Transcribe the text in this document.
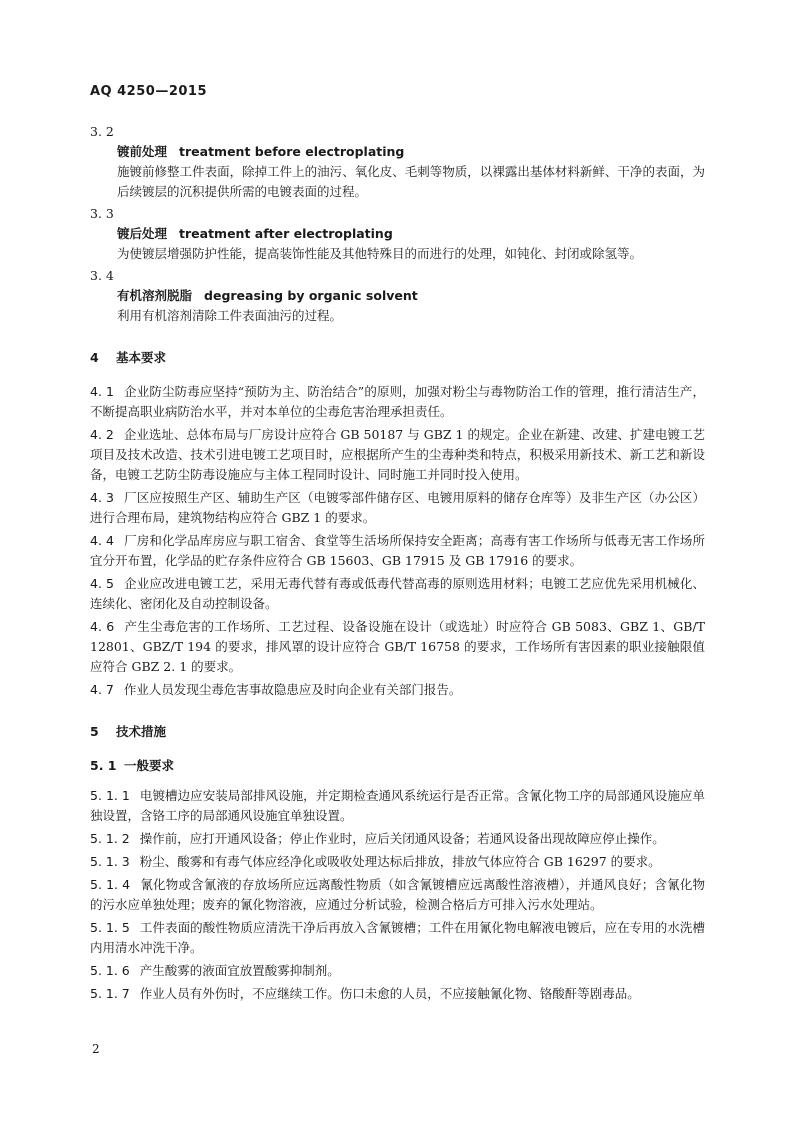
AQ 4250—2015
3. 2
镀前处理 treatment before electroplating
施镀前修整工件表面，除掉工件上的油污、氧化皮、毛刺等物质，以裸露出基体材料新鲜、干净的表面，为后续镀层的沉积提供所需的电镀表面的过程。
3. 3
镀后处理 treatment after electroplating
为使镀层增强防护性能，提高装饰性能及其他特殊目的而进行的处理，如钝化、封闭或除氢等。
3. 4
有机溶剂脱脂 degreasing by organic solvent
利用有机溶剂清除工件表面油污的过程。
4 基本要求
4. 1 企业防尘防毒应坚持“预防为主、防治结合”的原则，加强对粉尘与毒物防治工作的管理，推行清洁生产，不断提高职业病防治水平，并对本单位的尘毒危害治理承担责任。
4. 2 企业选址、总体布局与厂房设计应符合 GB 50187 与 GBZ 1 的规定。企业在新建、改建、扩建电镀工艺项目及技术改造、技术引进电镀工艺项目时，应根据所产生的尘毒种类和特点，积极采用新技术、新工艺和新设备，电镀工艺防尘防毒设施应与主体工程同时设计、同时施工并同时投入使用。
4. 3 厂区应按照生产区、辅助生产区（电镀零部件储存区、电镀用原料的储存仓库等）及非生产区（办公区）进行合理布局，建筑物结构应符合 GBZ 1 的要求。
4. 4 厂房和化学品库房应与职工宿舍、食堂等生活场所保持安全距离；高毒有害工作场所与低毒无害工作场所宜分开布置，化学品的贮存条件应符合 GB 15603、GB 17915 及 GB 17916 的要求。
4. 5 企业应改进电镀工艺，采用无毒代替有毒或低毒代替高毒的原则选用材料；电镀工艺应优先采用机械化、连续化、密闭化及自动控制设备。
4. 6 产生尘毒危害的工作场所、工艺过程、设备设施在设计（或选址）时应符合 GB 5083、GBZ 1、GB/T 12801、GBZ/T 194 的要求，排风罩的设计应符合 GB/T 16758 的要求，工作场所有害因素的职业接触限值应符合 GBZ 2. 1 的要求。
4. 7 作业人员发现尘毒危害事故隐患应及时向企业有关部门报告。
5 技术措施
5. 1 一般要求
5. 1. 1 电镀槽边应安装局部排风设施，并定期检查通风系统运行是否正常。含氰化物工序的局部通风设施应单独设置，含铬工序的局部通风设施宜单独设置。
5. 1. 2 操作前，应打开通风设备；停止作业时，应后关闭通风设备；若通风设备出现故障应停止操作。
5. 1. 3 粉尘、酸雾和有毒气体应经净化或吸收处理达标后排放，排放气体应符合 GB 16297 的要求。
5. 1. 4 氰化物或含氰液的存放场所应远离酸性物质（如含氰镀槽应远离酸性溶液槽），并通风良好；含氰化物的污水应单独处理；废弃的氰化物溶液，应通过分析试验，检测合格后方可排入污水处理站。
5. 1. 5 工件表面的酸性物质应清洗干净后再放入含氰镀槽；工件在用氰化物电解液电镀后，应在专用的水洗槽内用清水冲洗干净。
5. 1. 6 产生酸雾的液面宜放置酸雾抑制剂。
5. 1. 7 作业人员有外伤时，不应继续工作。伤口未愈的人员，不应接触氰化物、铬酸酐等剧毒品。
2
